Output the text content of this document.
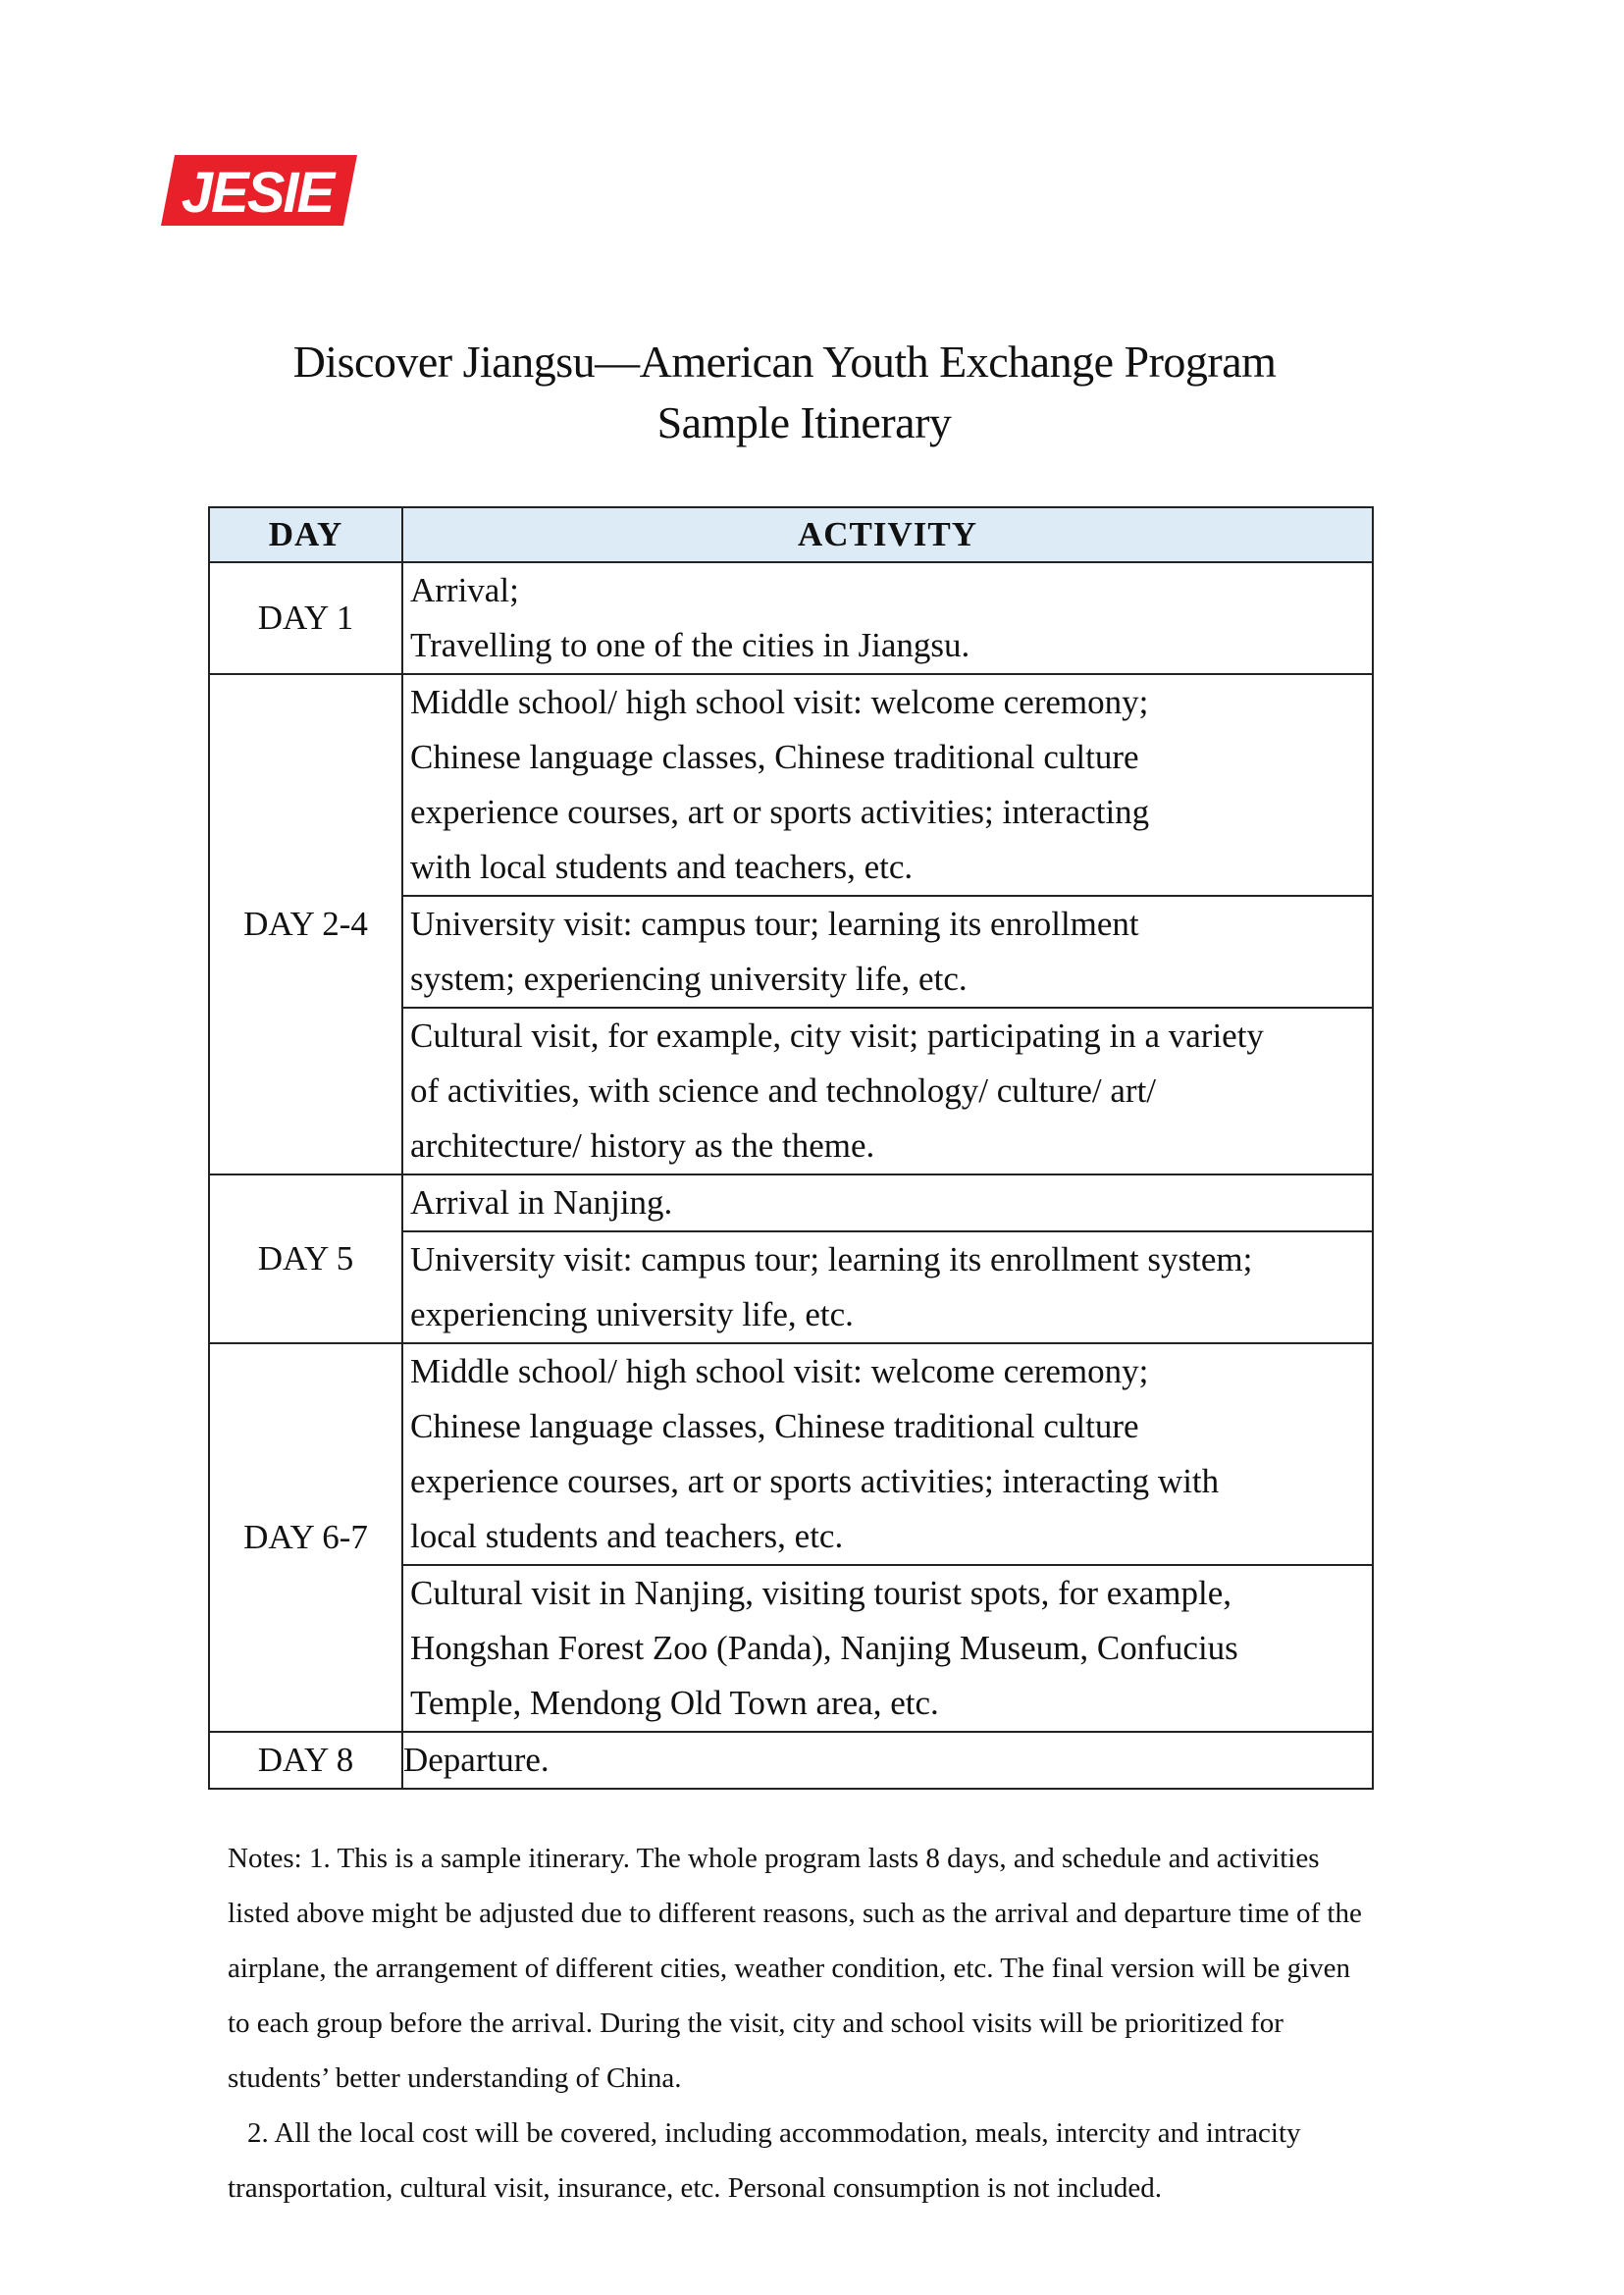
JESIE
Discover Jiangsu—American Youth Exchange Program
Sample Itinerary
DAY	ACTIVITY
DAY 1	Arrival;
Travelling to one of the cities in Jiangsu.

DAY 2-4	Middle school/ high school visit: welcome ceremony;
Chinese language classes, Chinese traditional culture
experience courses, art or sports activities; interacting
with local students and teachers, etc.

	University visit: campus tour; learning its enrollment
system; experiencing university life, etc.

	Cultural visit, for example, city visit; participating in a variety
of activities, with science and technology/ culture/ art/
architecture/ history as the theme.

DAY 5	Arrival in Nanjing.

	University visit: campus tour; learning its enrollment system;
experiencing university life, etc.

DAY 6-7	Middle school/ high school visit: welcome ceremony;
Chinese language classes, Chinese traditional culture
experience courses, art or sports activities; interacting with
local students and teachers, etc.

	Cultural visit in Nanjing, visiting tourist spots, for example,
Hongshan Forest Zoo (Panda), Nanjing Museum, Confucius
Temple, Mendong Old Town area, etc.

DAY 8	Departure.

Notes: 1. This is a sample itinerary. The whole program lasts 8 days, and schedule and activities

listed above might be adjusted due to different reasons, such as the arrival and departure time of the

airplane, the arrangement of different cities, weather condition, etc. The final version will be given

to each group before the arrival. During the visit, city and school visits will be prioritized for

students’ better understanding of China.

2. All the local cost will be covered, including accommodation, meals, intercity and intracity

transportation, cultural visit, insurance, etc. Personal consumption is not included.
